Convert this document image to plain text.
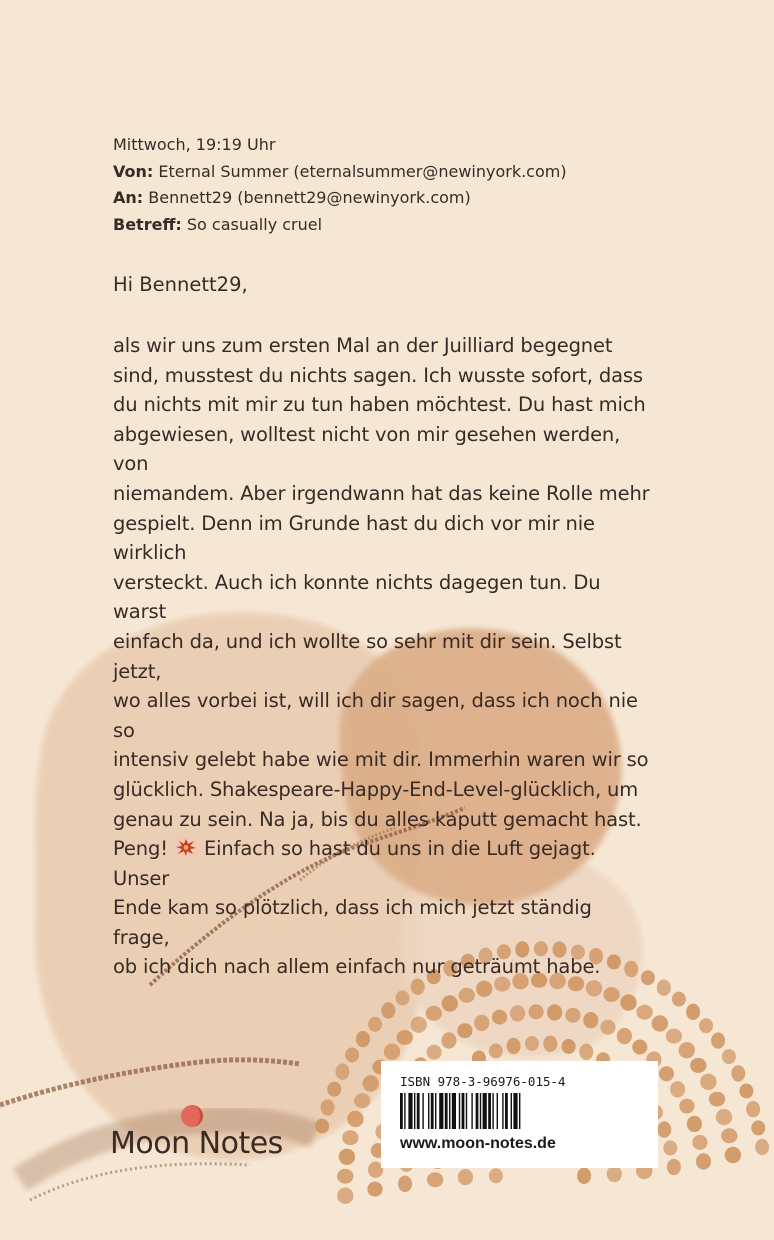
Mittwoch, 19:19 Uhr
Von: Eternal Summer (eternalsummer@newinyork.com)
An: Bennett29 (bennett29@newinyork.com)
Betreff: So casually cruel
Hi Bennett29,
als wir uns zum ersten Mal an der Juilliard begegnet
sind, musstest du nichts sagen. Ich wusste sofort, dass
du nichts mit mir zu tun haben möchtest. Du hast mich
abgewiesen, wolltest nicht von mir gesehen werden, von
niemandem. Aber irgendwann hat das keine Rolle mehr
gespielt. Denn im Grunde hast du dich vor mir nie wirklich
versteckt. Auch ich konnte nichts dagegen tun. Du warst
einfach da, und ich wollte so sehr mit dir sein. Selbst jetzt,
wo alles vorbei ist, will ich dir sagen, dass ich noch nie so
intensiv gelebt habe wie mit dir. Immerhin waren wir so
glücklich. Shakespeare-Happy-End-Level-glücklich, um
genau zu sein. Na ja, bis du alles kaputt gemacht hast.
Peng!  Einfach so hast du uns in die Luft gejagt. Unser
Ende kam so plötzlich, dass ich mich jetzt ständig frage,
ob ich dich nach allem einfach nur geträumt habe.
Moon Notes
ISBN 978-3-96976-015-4
www.moon-notes.de
